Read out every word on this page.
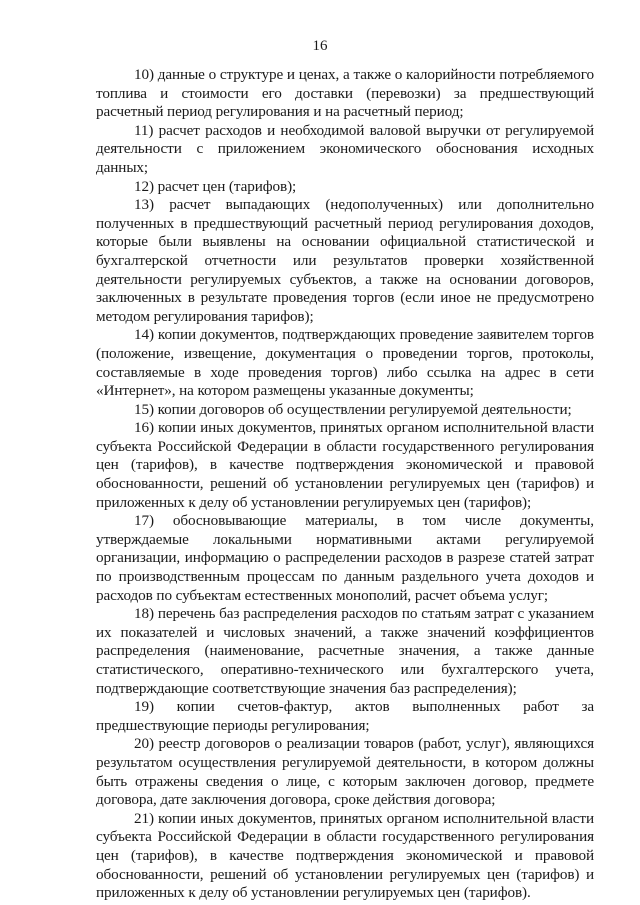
16

10) данные о структуре и ценах, а также о калорийности потребляемого топлива и стоимости его доставки (перевозки) за предшествующий расчетный период регулирования и на расчетный период;

11) расчет расходов и необходимой валовой выручки от регулируемой деятельности с приложением экономического обоснования исходных данных;

12) расчет цен (тарифов);

13) расчет выпадающих (недополученных) или дополнительно полученных в предшествующий расчетный период регулирования доходов, которые были выявлены на основании официальной статистической и бухгалтерской отчетности или результатов проверки хозяйственной деятельности регулируемых субъектов, а также на основании договоров, заключенных в результате проведения торгов (если иное не предусмотрено методом регулирования тарифов);

14) копии документов, подтверждающих проведение заявителем торгов (положение, извещение, документация о проведении торгов, протоколы, составляемые в ходе проведения торгов) либо ссылка на адрес в сети «Интернет», на котором размещены указанные документы;

15) копии договоров об осуществлении регулируемой деятельности;

16) копии иных документов, принятых органом исполнительной власти субъекта Российской Федерации в области государственного регулирования цен (тарифов), в качестве подтверждения экономической и правовой обоснованности, решений об установлении регулируемых цен (тарифов) и приложенных к делу об установлении регулируемых цен (тарифов);

17) обосновывающие материалы, в том числе документы, утверждаемые локальными нормативными актами регулируемой организации, информацию о распределении расходов в разрезе статей затрат по производственным процессам по данным раздельного учета доходов и расходов по субъектам естественных монополий, расчет объема услуг;

18) перечень баз распределения расходов по статьям затрат с указанием их показателей и числовых значений, а также значений коэффициентов распределения (наименование, расчетные значения, а также данные статистического, оперативно-технического или бухгалтерского учета, подтверждающие соответствующие значения баз распределения);

19) копии счетов-фактур, актов выполненных работ за предшествующие периоды регулирования;

20) реестр договоров о реализации товаров (работ, услуг), являющихся результатом осуществления регулируемой деятельности, в котором должны быть отражены сведения о лице, с которым заключен договор, предмете договора, дате заключения договора, сроке действия договора;

21) копии иных документов, принятых органом исполнительной власти субъекта Российской Федерации в области государственного регулирования цен (тарифов), в качестве подтверждения экономической и правовой обоснованности, решений об установлении регулируемых цен (тарифов) и приложенных к делу об установлении регулируемых цен (тарифов).
